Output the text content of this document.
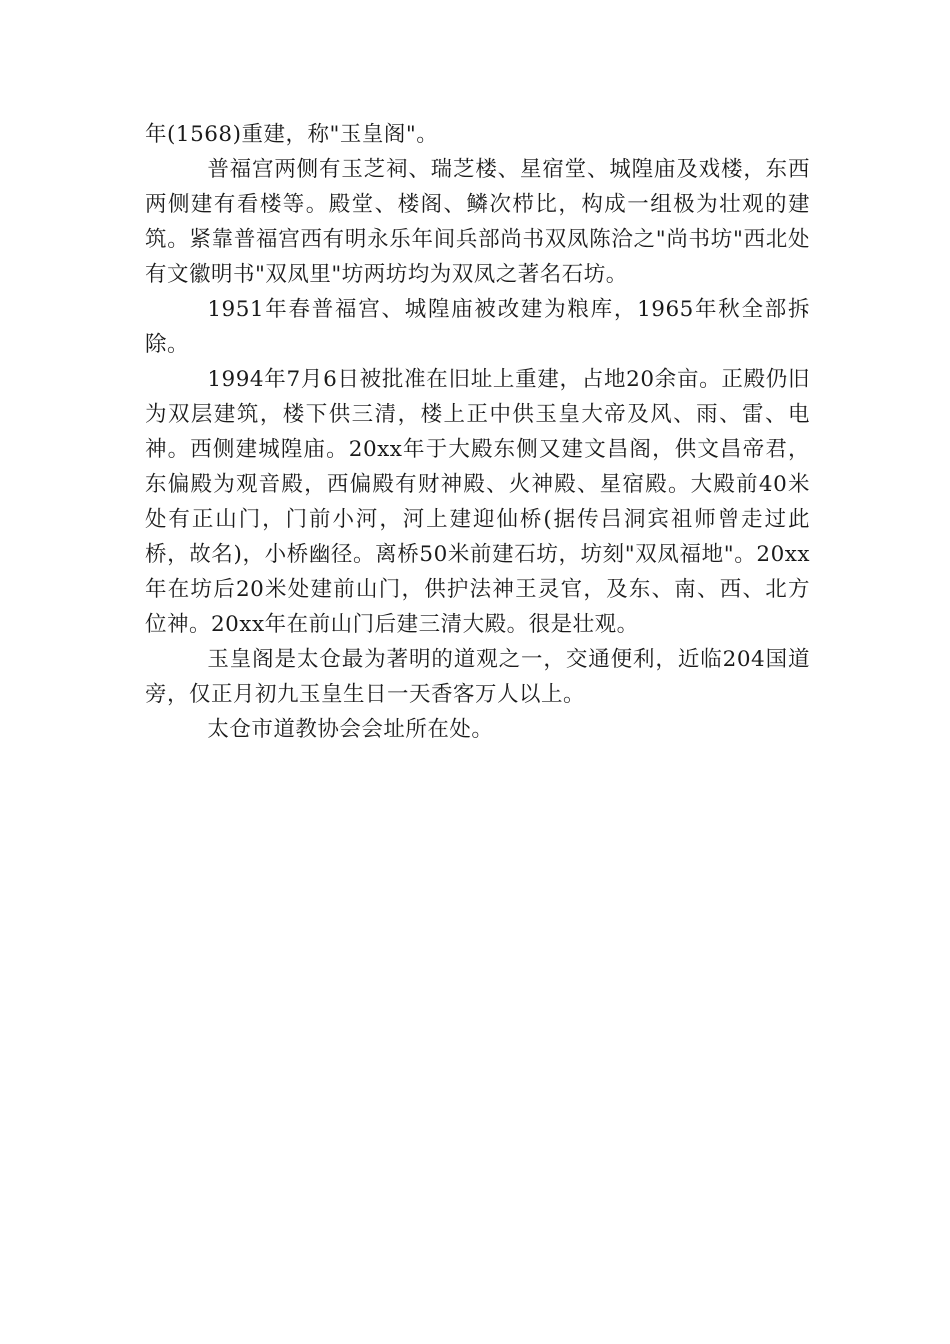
年(1568)重建，称"玉皇阁"。

普福宫两侧有玉芝祠、瑞芝楼、星宿堂、城隍庙及戏楼，东西两侧建有看楼等。殿堂、楼阁、鳞次栉比，构成一组极为壮观的建筑。紧靠普福宫西有明永乐年间兵部尚书双凤陈洽之"尚书坊"西北处有文徽明书"双凤里"坊两坊均为双凤之著名石坊。

1951年春普福宫、城隍庙被改建为粮库，1965年秋全部拆除。

1994年7月6日被批准在旧址上重建，占地20余亩。正殿仍旧为双层建筑，楼下供三清，楼上正中供玉皇大帝及风、雨、雷、电神。西侧建城隍庙。20xx年于大殿东侧又建文昌阁，供文昌帝君，东偏殿为观音殿，西偏殿有财神殿、火神殿、星宿殿。大殿前40米处有正山门，门前小河，河上建迎仙桥(据传吕洞宾祖师曾走过此桥，故名)，小桥幽径。离桥50米前建石坊，坊刻"双凤福地"。20xx年在坊后20米处建前山门，供护法神王灵官，及东、南、西、北方位神。20xx年在前山门后建三清大殿。很是壮观。

玉皇阁是太仓最为著明的道观之一，交通便利，近临204国道旁，仅正月初九玉皇生日一天香客万人以上。

太仓市道教协会会址所在处。
